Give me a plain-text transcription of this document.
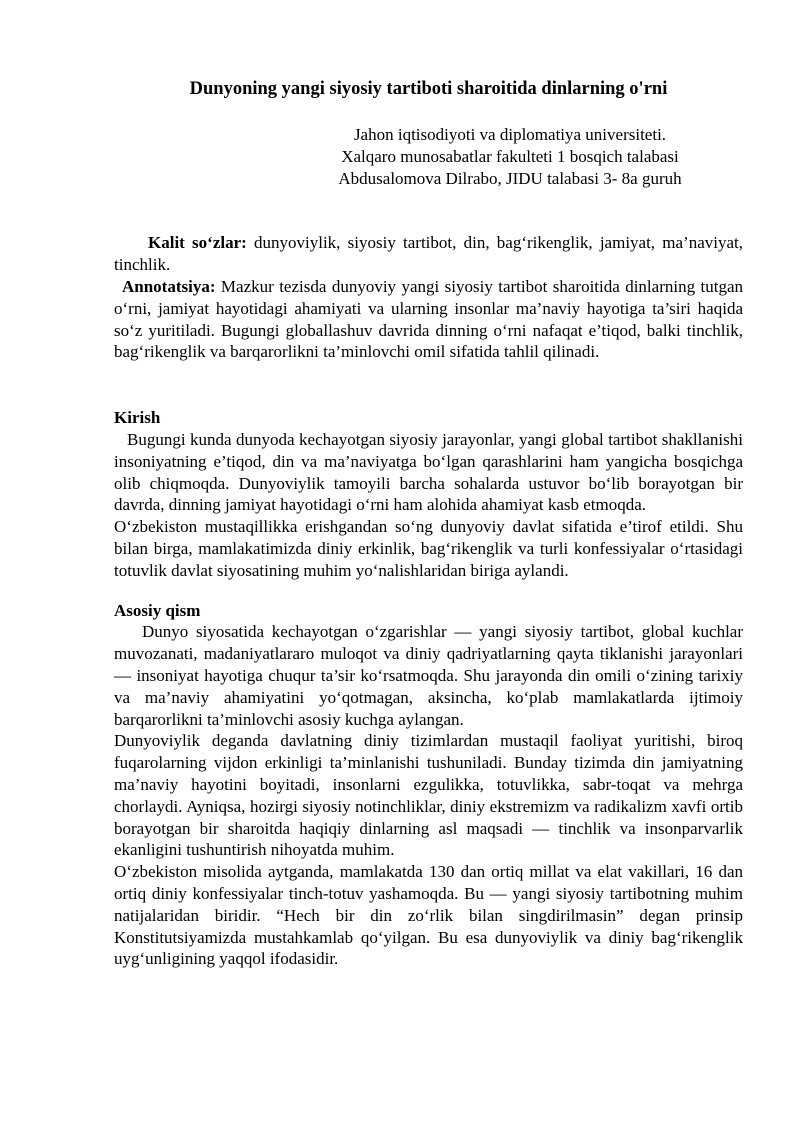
Dunyoning yangi siyosiy tartiboti sharoitida dinlarning o'rni
Jahon iqtisodiyoti va diplomatiya universiteti.
Xalqaro munosabatlar fakulteti 1 bosqich talabasi
Abdusalomova Dilrabo, JIDU talabasi 3- 8a guruh

Kalit soʻzlar: dunyoviylik, siyosiy tartibot, din, bagʻrikenglik, jamiyat, ma’naviyat, tinchlik.

Annotatsiya: Mazkur tezisda dunyoviy yangi siyosiy tartibot sharoitida dinlarning tutgan oʻrni, jamiyat hayotidagi ahamiyati va ularning insonlar ma’naviy hayotiga ta’siri haqida soʻz yuritiladi. Bugungi globallashuv davrida dinning oʻrni nafaqat e’tiqod, balki tinchlik, bagʻrikenglik va barqarorlikni ta’minlovchi omil sifatida tahlil qilinadi.

Kirish

Bugungi kunda dunyoda kechayotgan siyosiy jarayonlar, yangi global tartibot shakllanishi insoniyatning e’tiqod, din va ma’naviyatga boʻlgan qarashlarini ham yangicha bosqichga olib chiqmoqda. Dunyoviylik tamoyili barcha sohalarda ustuvor boʻlib borayotgan bir davrda, dinning jamiyat hayotidagi oʻrni ham alohida ahamiyat kasb etmoqda.

Oʻzbekiston mustaqillikka erishgandan soʻng dunyoviy davlat sifatida e’tirof etildi. Shu bilan birga, mamlakatimizda diniy erkinlik, bagʻrikenglik va turli konfessiyalar oʻrtasidagi totuvlik davlat siyosatining muhim yoʻnalishlaridan biriga aylandi.

Asosiy qism

Dunyo siyosatida kechayotgan oʻzgarishlar — yangi siyosiy tartibot, global kuchlar muvozanati, madaniyatlararo muloqot va diniy qadriyatlarning qayta tiklanishi jarayonlari — insoniyat hayotiga chuqur ta’sir koʻrsatmoqda. Shu jarayonda din omili oʻzining tarixiy va ma’naviy ahamiyatini yoʻqotmagan, aksincha, koʻplab mamlakatlarda ijtimoiy barqarorlikni ta’minlovchi asosiy kuchga aylangan.

Dunyoviylik deganda davlatning diniy tizimlardan mustaqil faoliyat yuritishi, biroq fuqarolarning vijdon erkinligi ta’minlanishi tushuniladi. Bunday tizimda din jamiyatning ma’naviy hayotini boyitadi, insonlarni ezgulikka, totuvlikka, sabr-toqat va mehrga chorlaydi. Ayniqsa, hozirgi siyosiy notinchliklar, diniy ekstremizm va radikalizm xavfi ortib borayotgan bir sharoitda haqiqiy dinlarning asl maqsadi — tinchlik va insonparvarlik ekanligini tushuntirish nihoyatda muhim.

Oʻzbekiston misolida aytganda, mamlakatda 130 dan ortiq millat va elat vakillari, 16 dan ortiq diniy konfessiyalar tinch-totuv yashamoqda. Bu — yangi siyosiy tartibotning muhim natijalaridan biridir. “Hech bir din zoʻrlik bilan singdirilmasin” degan prinsip Konstitutsiyamizda mustahkamlab qoʻyilgan. Bu esa dunyoviylik va diniy bagʻrikenglik uygʻunligining yaqqol ifodasidir.
